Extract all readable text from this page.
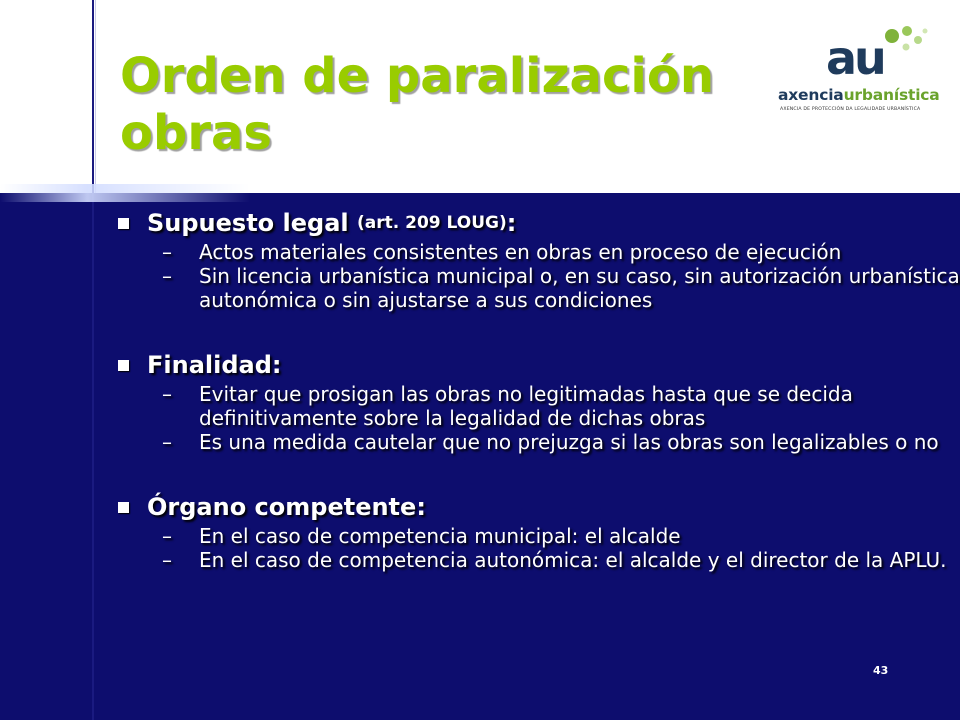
Orden de paralización
obras
au
axenciaurbanística
AXENCIA DE PROTECCIÓN DA LEGALIDADE URBANÍSTICA
Supuesto legal (art. 209 LOUG) :
–	Actos materiales consistentes en obras en proceso de ejecución
–	Sin licencia urbanística municipal o, en su caso, sin autorización urbanística autonómica o sin ajustarse a sus condiciones
Finalidad :
–	Evitar que prosigan las obras no legitimadas hasta que se decida definitivamente sobre la legalidad de dichas obras
–	Es una medida cautelar que no prejuzga si las obras son legalizables o no
Órgano competente :
–	En el caso de competencia municipal: el alcalde
–	En el caso de competencia autonómica: el alcalde y el director de la APLU.
43
